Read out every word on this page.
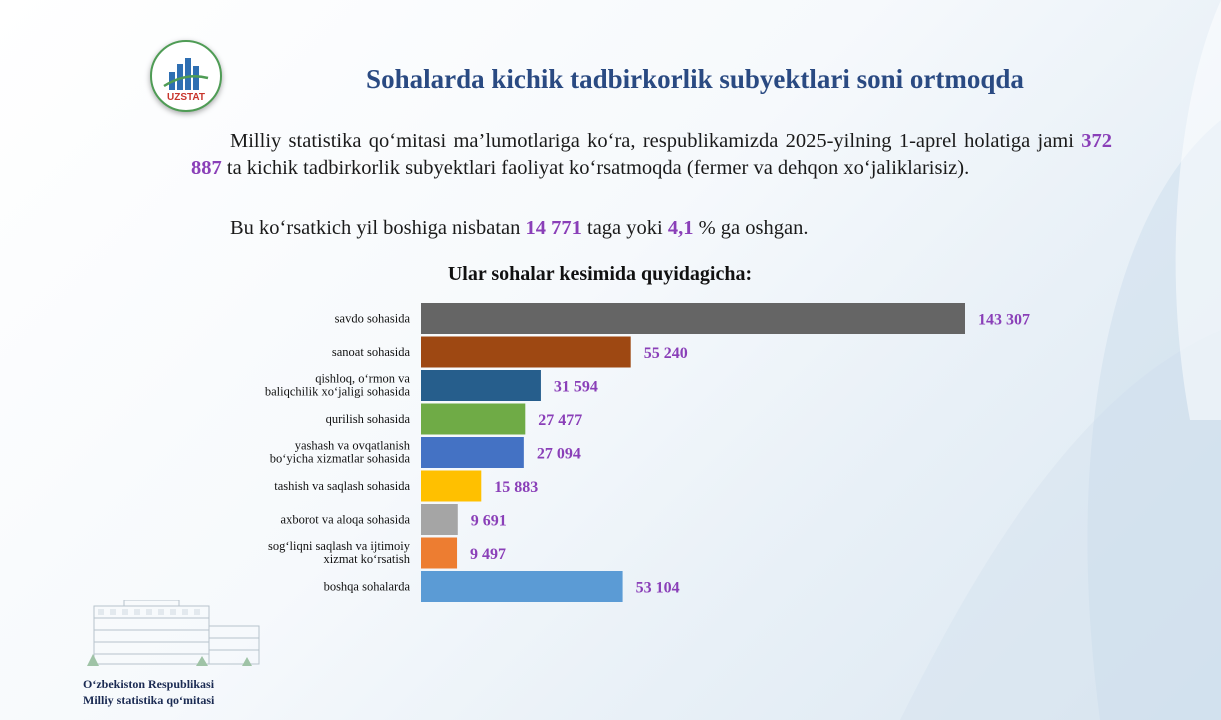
UZSTAT
Sohalarda kichik tadbirkorlik subyektlari soni ortmoqda
Milliy statistika qo‘mitasi ma’lumotlariga ko‘ra, respublikamizda 2025-yilning 1-aprel holatiga jami 372 887 ta kichik tadbirkorlik subyektlari faoliyat ko‘rsatmoqda (fermer va dehqon xo‘jaliklarisiz).
Bu ko‘rsatkich yil boshiga nisbatan 14 771 taga yoki 4,1 % ga oshgan.
Ular sohalar kesimida quyidagicha:
143 307
savdo sohasida
55 240
sanoat sohasida
31 594
qishloq, o‘rmon va
baliqchilik xo‘jaligi sohasida
27 477
qurilish sohasida
27 094
yashash va ovqatlanish
bo‘yicha xizmatlar sohasida
15 883
tashish va saqlash sohasida
9 691
axborot va aloqa sohasida
9 497
sog‘liqni saqlash va ijtimoiy
xizmat ko‘rsatish
53 104
boshqa sohalarda
O‘zbekiston Respublikasi
Milliy statistika qo‘mitasi
